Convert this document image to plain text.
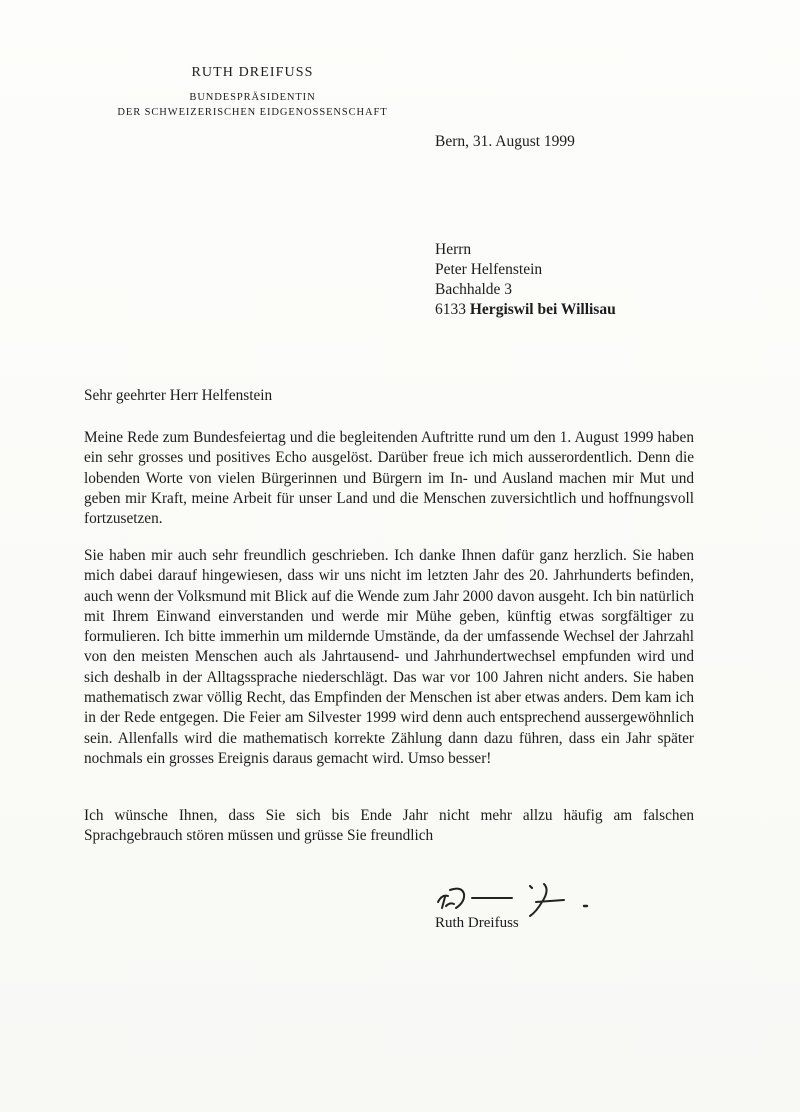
RUTH DREIFUSS
BUNDESPRÄSIDENTIN
DER SCHWEIZERISCHEN EIDGENOSSENSCHAFT
Bern, 31. August 1999
Herrn
Peter Helfenstein
Bachhalde 3
6133 Hergiswil bei Willisau
Sehr geehrter Herr Helfenstein

Meine Rede zum Bundesfeiertag und die begleitenden Auftritte rund um den 1. August 1999 haben ein sehr grosses und positives Echo ausgelöst. Darüber freue ich mich ausserordentlich. Denn die lobenden Worte von vielen Bürgerinnen und Bürgern im In- und Ausland machen mir Mut und geben mir Kraft, meine Arbeit für unser Land und die Menschen zuversichtlich und hoffnungsvoll fortzusetzen.

Sie haben mir auch sehr freundlich geschrieben. Ich danke Ihnen dafür ganz herzlich. Sie haben mich dabei darauf hingewiesen, dass wir uns nicht im letzten Jahr des 20. Jahrhunderts befinden, auch wenn der Volksmund mit Blick auf die Wende zum Jahr 2000 davon ausgeht. Ich bin natürlich mit Ihrem Einwand einverstanden und werde mir Mühe geben, künftig etwas sorgfältiger zu formulieren. Ich bitte immerhin um mildernde Umstände, da der umfassende Wechsel der Jahrzahl von den meisten Menschen auch als Jahrtausend- und Jahrhundertwechsel empfunden wird und sich deshalb in der Alltagssprache niederschlägt. Das war vor 100 Jahren nicht anders. Sie haben mathematisch zwar völlig Recht, das Empfinden der Menschen ist aber etwas anders. Dem kam ich in der Rede entgegen. Die Feier am Silvester 1999 wird denn auch entsprechend aussergewöhnlich sein. Allenfalls wird die mathematisch korrekte Zählung dann dazu führen, dass ein Jahr später nochmals ein grosses Ereignis daraus gemacht wird. Umso besser!

Ich wünsche Ihnen, dass Sie sich bis Ende Jahr nicht mehr allzu häufig am falschen Sprachgebrauch stören müssen und grüsse Sie freundlich

Ruth Dreifuss
